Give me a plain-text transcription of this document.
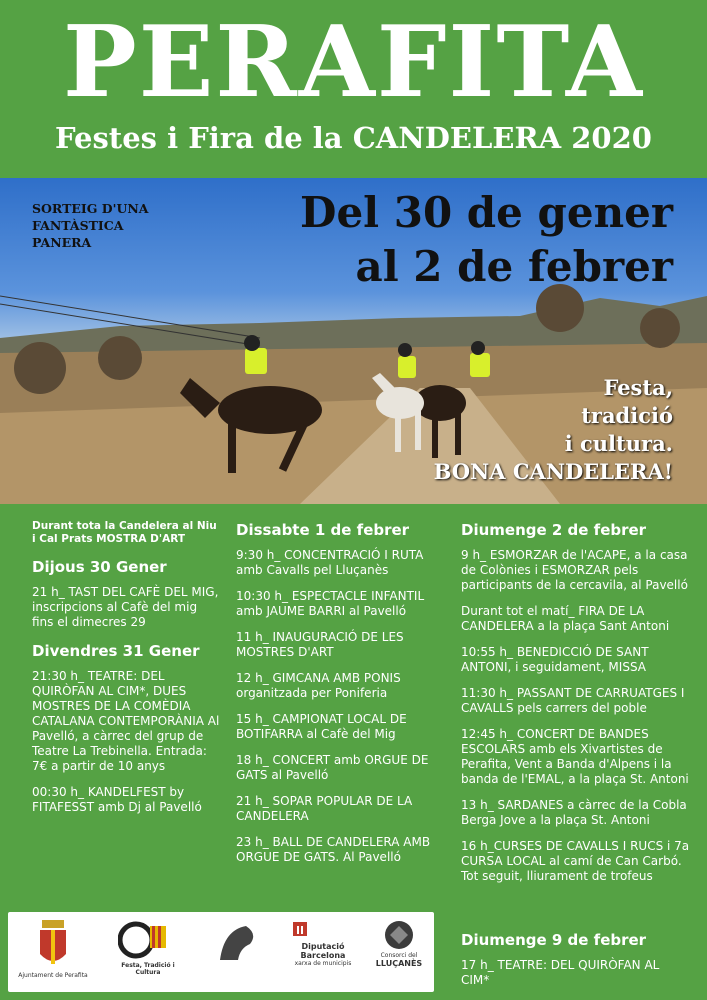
PERAFITA
Festes i Fira de la CANDELERA 2020
SORTEIG D'UNA
FANTÀSTICA
PANERA
Del 30 de gener
al 2 de febrer
Festa,
tradició
i cultura.
BONA CANDELERA!
Durant tota la Candelera al Niu i Cal Prats MOSTRA D'ART
Dijous 30 Gener
21 h_ TAST DEL CAFÈ DEL MIG, inscripcions al Cafè del mig fins el dimecres 29
Divendres 31 Gener
21:30 h_ TEATRE: DEL QUIRÒFAN AL CIM*, DUES MOSTRES DE LA COMÈDIA CATALANA CONTEMPORÀNIA Al Pavelló, a càrrec del grup de Teatre La Trebinella. Entrada: 7€ a partir de 10 anys
00:30 h_ KANDELFEST by FITAFESST amb Dj al Pavelló
Dissabte 1 de febrer
9:30 h_ CONCENTRACIÓ I RUTA amb Cavalls pel Lluçanès
10:30 h_ ESPECTACLE INFANTIL amb JAUME BARRI al Pavelló
11 h_ INAUGURACIÓ DE LES MOSTRES D'ART
12 h_ GIMCANA AMB PONIS organitzada per Poniferia
15 h_ CAMPIONAT LOCAL DE BOTIFARRA al Cafè del Mig
18 h_ CONCERT amb ORGUE DE GATS al Pavelló
21 h_ SOPAR POPULAR DE LA CANDELERA
23 h_ BALL DE CANDELERA AMB ORGUE DE GATS. Al Pavelló
Diumenge 2 de febrer
9 h_ ESMORZAR de l'ACAPE, a la casa de Colònies i ESMORZAR pels participants de la cercavila, al Pavelló
Durant tot el matí_ FIRA DE LA CANDELERA a la plaça Sant Antoni
10:55 h_ BENEDICCIÓ DE SANT ANTONI, i seguidament, MISSA
11:30 h_ PASSANT DE CARRUATGES I CAVALLS pels carrers del poble
12:45 h_ CONCERT DE BANDES ESCOLARS amb els Xivartistes de Perafita, Vent a Banda d'Alpens i la banda de l'EMAL, a la plaça St. Antoni
13 h_ SARDANES a càrrec de la Cobla Berga Jove a la plaça St. Antoni
16 h_CURSES DE CAVALLS I RUCS i 7a CURSA LOCAL al camí de Can Carbó. Tot seguit, lliurament de trofeus
Diumenge 9 de febrer
17 h_ TEATRE: DEL QUIRÒFAN AL CIM*
Ajuntament de Perafita
Festa, Tradició i Cultura
Diputació Barcelona
xarxa de municipis
Consorci del
LLUÇANÈS
